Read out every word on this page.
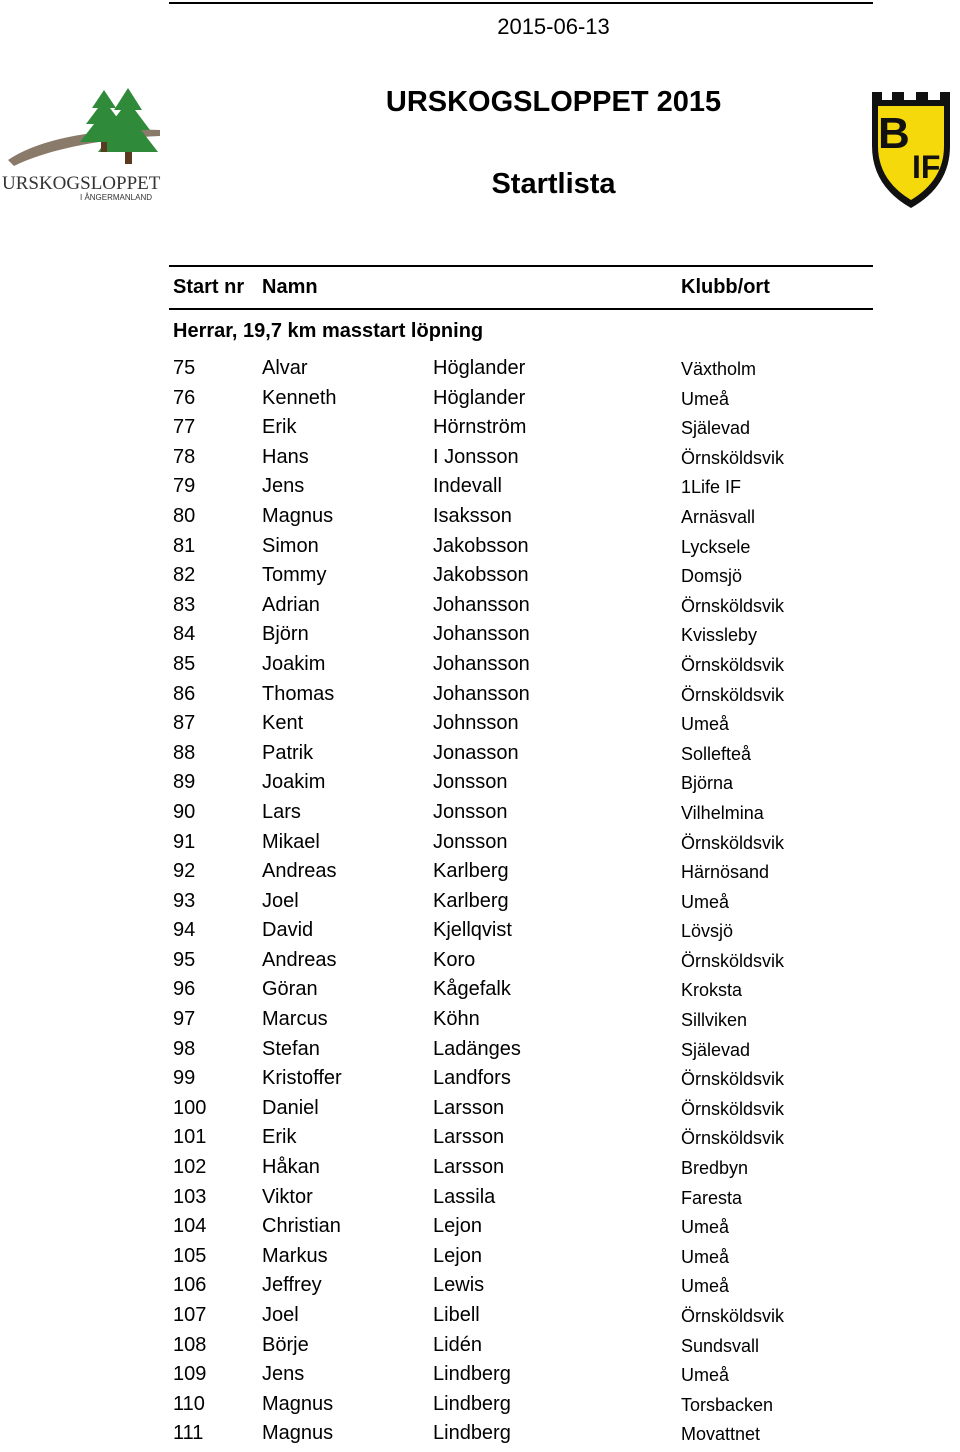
2015-06-13
URSKOGSLOPPET 2015
Startlista
URSKOGSLOPPET
I ÅNGERMANLAND
B
IF
Start nr Namn	Klubb/ort
Herrar, 19,7 km masstart löpning
75	Alvar	Höglander	Växtholm
76	Kenneth	Höglander	Umeå
77	Erik	Hörnström	Själevad
78	Hans	I Jonsson	Örnsköldsvik
79	Jens	Indevall	1Life IF
80	Magnus	Isaksson	Arnäsvall
81	Simon	Jakobsson	Lycksele
82	Tommy	Jakobsson	Domsjö
83	Adrian	Johansson	Örnsköldsvik
84	Björn	Johansson	Kvissleby
85	Joakim	Johansson	Örnsköldsvik
86	Thomas	Johansson	Örnsköldsvik
87	Kent	Johnsson	Umeå
88	Patrik	Jonasson	Sollefteå
89	Joakim	Jonsson	Björna
90	Lars	Jonsson	Vilhelmina
91	Mikael	Jonsson	Örnsköldsvik
92	Andreas	Karlberg	Härnösand
93	Joel	Karlberg	Umeå
94	David	Kjellqvist	Lövsjö
95	Andreas	Koro	Örnsköldsvik
96	Göran	Kågefalk	Kroksta
97	Marcus	Köhn	Sillviken
98	Stefan	Ladänges	Själevad
99	Kristoffer	Landfors	Örnsköldsvik
100	Daniel	Larsson	Örnsköldsvik
101	Erik	Larsson	Örnsköldsvik
102	Håkan	Larsson	Bredbyn
103	Viktor	Lassila	Faresta
104	Christian	Lejon	Umeå
105	Markus	Lejon	Umeå
106	Jeffrey	Lewis	Umeå
107	Joel	Libell	Örnsköldsvik
108	Börje	Lidén	Sundsvall
109	Jens	Lindberg	Umeå
110	Magnus	Lindberg	Torsbacken
111	Magnus	Lindberg	Movattnet
